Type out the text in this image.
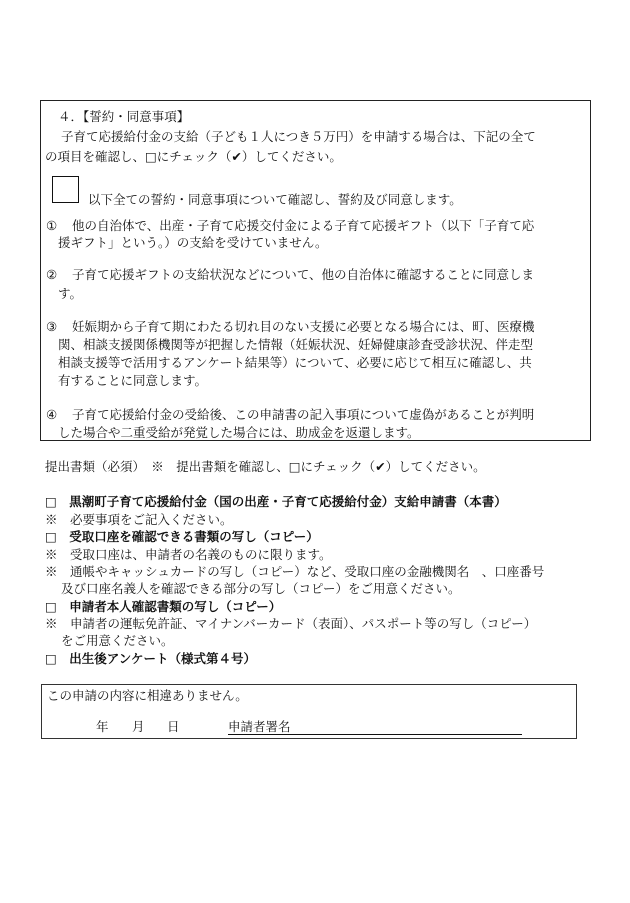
４．【誓約・同意事項】
子育て応援給付金の支給（子ども１人につき５万円）を申請する場合は、下記の全て
の項目を確認し、□にチェック（✔）してください。
以下全ての誓約・同意事項について確認し、誓約及び同意します。
① 他の自治体で、出産・子育て応援交付金による子育て応援ギフト（以下「子育て応
援ギフト」という。）の支給を受けていません。
② 子育て応援ギフトの支給状況などについて、他の自治体に確認することに同意しま
す。
③ 妊娠期から子育て期にわたる切れ目のない支援に必要となる場合には、町、医療機
関、相談支援関係機関等が把握した情報（妊娠状況、妊婦健康診査受診状況、伴走型
相談支援等で活用するアンケート結果等）について、必要に応じて相互に確認し、共
有することに同意します。
④ 子育て応援給付金の受給後、この申請書の記入事項について虚偽があることが判明
した場合や二重受給が発覚した場合には、助成金を返還します。
提出書類（必須）　※　提出書類を確認し、□にチェック（✔）してください。
□　黒潮町子育て応援給付金（国の出産・子育て応援給付金）支給申請書（本書）
※　必要事項をご記入ください。
□　受取口座を確認できる書類の写し（コピー）
※　受取口座は、申請者の名義のものに限ります。
※　通帳やキャッシュカードの写し（コピー）など、受取口座の金融機関名　、口座番号
及び口座名義人を確認できる部分の写し（コピー）をご用意ください。
□　申請者本人確認書類の写し（コピー）
※　申請者の運転免許証、マイナンバーカード（表面）、パスポート等の写し（コピー）
をご用意ください。
□　出生後アンケート（様式第４号）
この申請の内容に相違ありません。
年 月 日	申請者署名
